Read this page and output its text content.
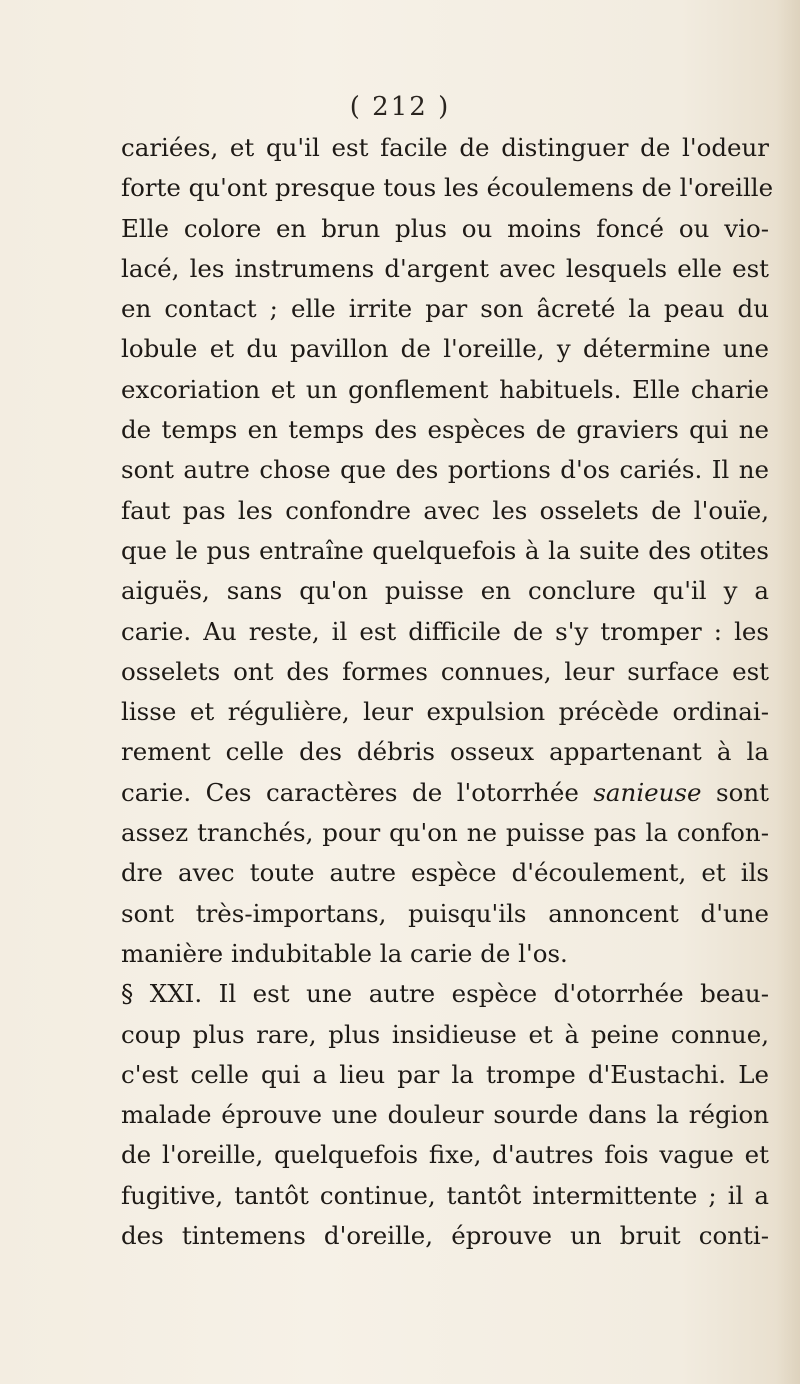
( 212 )
cariées, et qu'il est facile de distinguer de l'odeur
forte qu'ont presque tous les écoulemens de l'oreille
Elle colore en brun plus ou moins foncé ou vio-
lacé, les instrumens d'argent avec lesquels elle est
en contact ; elle irrite par son âcreté la peau du
lobule et du pavillon de l'oreille, y détermine une
excoriation et un gonflement habituels. Elle charie
de temps en temps des espèces de graviers qui ne
sont autre chose que des portions d'os cariés. Il ne
faut pas les confondre avec les osselets de l'ouïe,
que le pus entraîne quelquefois à la suite des otites
aiguës, sans qu'on puisse en conclure qu'il y a
carie. Au reste, il est difficile de s'y tromper : les
osselets ont des formes connues, leur surface est
lisse et régulière, leur expulsion précède ordinai-
rement celle des débris osseux appartenant à la
carie. Ces caractères de l'otorrhée sanieuse sont
assez tranchés, pour qu'on ne puisse pas la confon-
dre avec toute autre espèce d'écoulement, et ils
sont très-importans, puisqu'ils annoncent d'une
manière indubitable la carie de l'os.
§ XXI. Il est une autre espèce d'otorrhée beau-
coup plus rare, plus insidieuse et à peine connue,
c'est celle qui a lieu par la trompe d'Eustachi. Le
malade éprouve une douleur sourde dans la région
de l'oreille, quelquefois fixe, d'autres fois vague et
fugitive, tantôt continue, tantôt intermittente ; il a
des tintemens d'oreille, éprouve un bruit conti-
